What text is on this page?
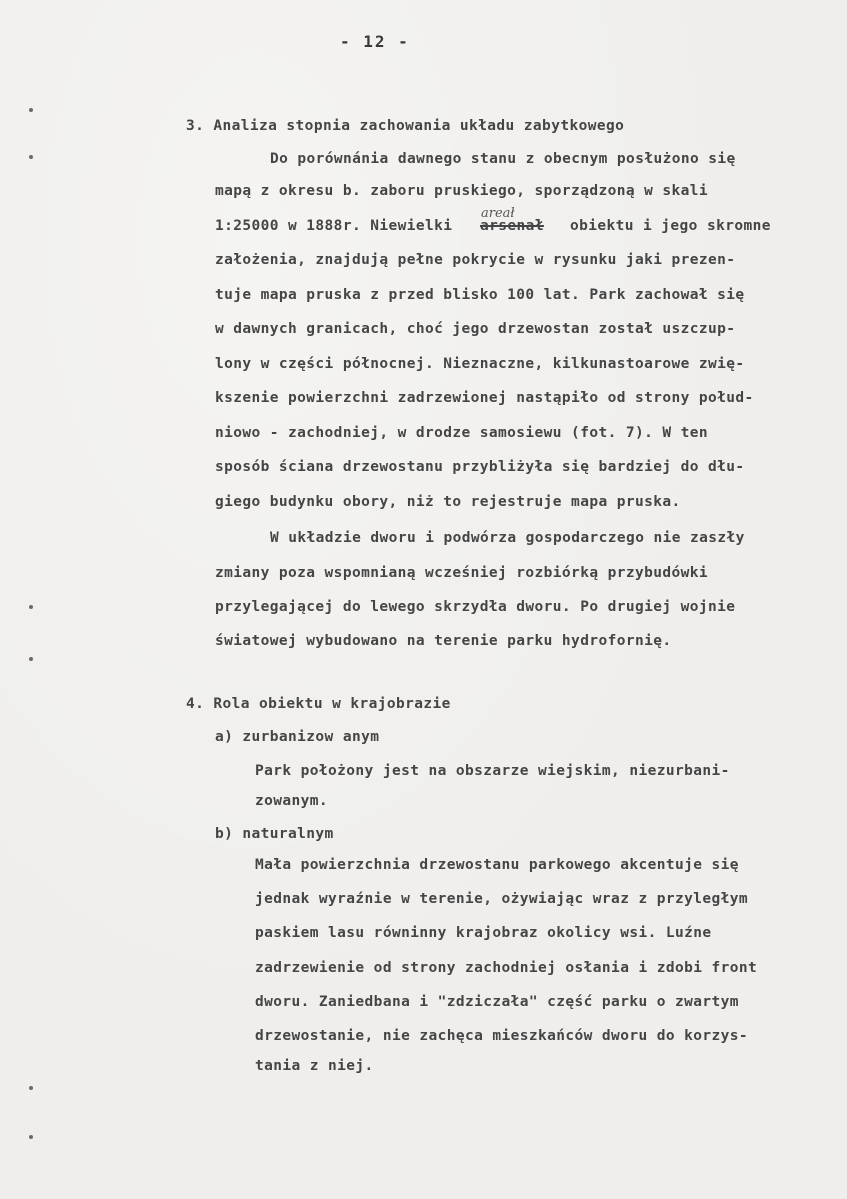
- 12 -
3. Analiza stopnia zachowania układu zabytkowego
Do porównánia dawnego stanu z obecnym posłużono się
mapą z okresu b. zaboru pruskiego, sporządzoną w skali
1:25000 w 1888r. Niewielki arsenał obiektu i jego skromne
areał
założenia, znajdują pełne pokrycie w rysunku jaki prezen-
tuje mapa pruska z przed blisko 100 lat. Park zachował się
w dawnych granicach, choć jego drzewostan został uszczup-
lony w części północnej. Nieznaczne, kilkunastoarowe zwię-
kszenie powierzchni zadrzewionej nastąpiło od strony połud-
niowo - zachodniej, w drodze samosiewu (fot. 7). W ten
sposób ściana drzewostanu przybliżyła się bardziej do dłu-
giego budynku obory, niż to rejestruje mapa pruska.
W układzie dworu i podwórza gospodarczego nie zaszły
zmiany poza wspomnianą wcześniej rozbiórką przybudówki
przylegającej do lewego skrzydła dworu. Po drugiej wojnie
światowej wybudowano na terenie parku hydrofornię.
4. Rola obiektu w krajobrazie
a) zurbanizow anym
Park położony jest na obszarze wiejskim, niezurbani-
zowanym.
b) naturalnym
Mała powierzchnia drzewostanu parkowego akcentuje się
jednak wyraźnie w terenie, ożywiając wraz z przyległym
paskiem lasu równinny krajobraz okolicy wsi. Luźne
zadrzewienie od strony zachodniej osłania i zdobi front
dworu. Zaniedbana i "zdziczała" część parku o zwartym
drzewostanie, nie zachęca mieszkańców dworu do korzys-
tania z niej.
